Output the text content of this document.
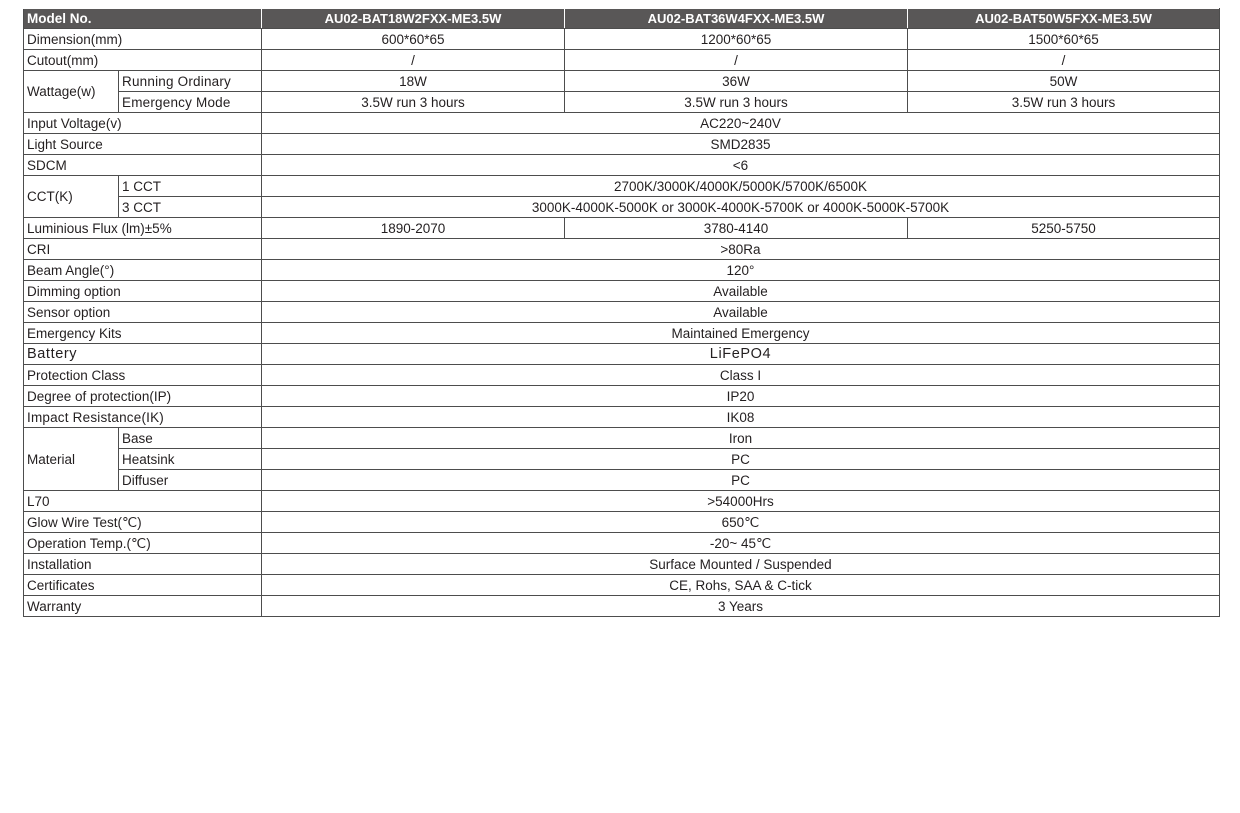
Model No.		AU02-BAT18W2FXX-ME3.5W	AU02-BAT36W4FXX-ME3.5W	AU02-BAT50W5FXX-ME3.5W
Dimension(mm)		600*60*65	1200*60*65	1500*60*65
Cutout(mm)		/	/	/
Wattage(w)	Running Ordinary	18W	36W	50W
	Emergency Mode	3.5W run 3 hours	3.5W run 3 hours	3.5W run 3 hours
Input Voltage(v)		AC220~240V		
Light Source		SMD2835		
SDCM		<6		
CCT(K)	1 CCT	2700K/3000K/4000K/5000K/5700K/6500K		
	3 CCT	3000K-4000K-5000K or 3000K-4000K-5700K or 4000K-5000K-5700K		
Luminious Flux (lm)±5%		1890-2070	3780-4140	5250-5750
CRI		>80Ra		
Beam Angle(°)		120°		
Dimming option		Available		
Sensor option		Available		
Emergency Kits		Maintained Emergency		
Battery		LiFePO4		
Protection Class		Class I		
Degree of protection(IP)		IP20		
Impact Resistance(IK)		IK08		
Material	Base	Iron		
	Heatsink	PC		
	Diffuser	PC		
L70		>54000Hrs		
Glow Wire Test(℃)		650℃		
Operation Temp.(℃)		-20~ 45℃		
Installation		Surface Mounted / Suspended		
Certificates		CE, Rohs, SAA & C-tick		
Warranty		3 Years		
